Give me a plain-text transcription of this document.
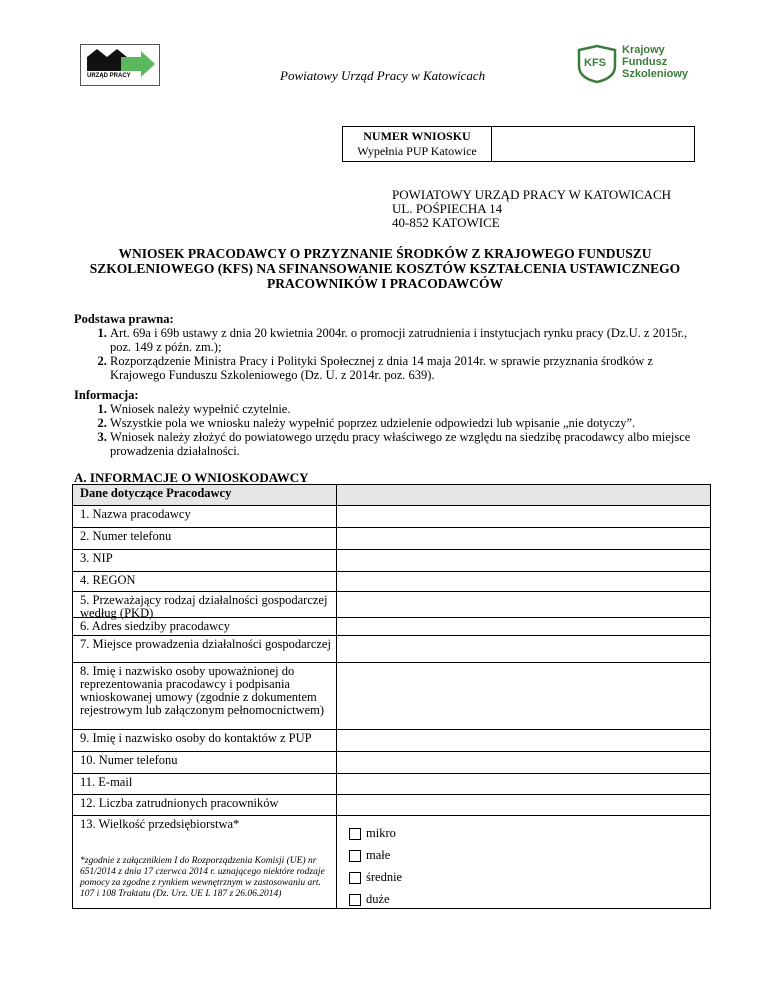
URZĄD PRACY	Powiatowy Urząd Pracy w Katowicach
KFS
Krajowy
Fundusz
Szkoleniowy
NUMER WNIOSKU
Wypełnia PUP Katowice
POWIATOWY URZĄD PRACY W KATOWICACH
UL. POŚPIECHA 14
40-852 KATOWICE
WNIOSEK PRACODAWCY O PRZYZNANIE ŚRODKÓW Z KRAJOWEGO FUNDUSZU
SZKOLENIOWEGO (KFS) NA SFINANSOWANIE KOSZTÓW KSZTAŁCENIA USTAWICZNEGO
PRACOWNIKÓW I PRACODAWCÓW
Podstawa prawna:
1. Art. 69a i 69b ustawy z dnia 20 kwietnia 2004r. o promocji zatrudnienia i instytucjach rynku pracy (Dz.U. z 2015r., poz. 149 z późn. zm.);
2. Rozporządzenie Ministra Pracy i Polityki Społecznej z dnia 14 maja 2014r. w sprawie przyznania środków z Krajowego Funduszu Szkoleniowego (Dz. U. z 2014r. poz. 639).
Informacja:
1. Wniosek należy wypełnić czytelnie.
2. Wszystkie pola we wniosku należy wypełnić poprzez udzielenie odpowiedzi lub wpisanie „nie dotyczy”.
3. Wniosek należy złożyć do powiatowego urzędu pracy właściwego ze względu na siedzibę pracodawcy albo miejsce prowadzenia działalności.
A. INFORMACJE O WNIOSKODAWCY
Dane dotyczące Pracodawcy
1. Nazwa pracodawcy
2. Numer telefonu
3. NIP
4. REGON
5. Przeważający rodzaj działalności gospodarczej według (PKD)
6. Adres siedziby pracodawcy
7. Miejsce prowadzenia działalności gospodarczej
8. Imię i nazwisko osoby upoważnionej do reprezentowania pracodawcy i podpisania wnioskowanej umowy (zgodnie z dokumentem rejestrowym lub załączonym pełnomocnictwem)
9. Imię i nazwisko osoby do kontaktów z PUP
10. Numer telefonu
11. E-mail
12. Liczba zatrudnionych pracowników
13. Wielkość przedsiębiorstwa*
*zgodnie z załącznikiem I do Rozporządzenia Komisji (UE) nr 651/2014 z dnia 17 czerwca 2014 r. uznającego niektóre rodzaje pomocy za zgodne z rynkiem wewnętrznym w zastosowaniu art. 107 i 108 Traktatu (Dz. Urz. UE L 187 z 26.06.2014)
mikro
małe
średnie
duże
